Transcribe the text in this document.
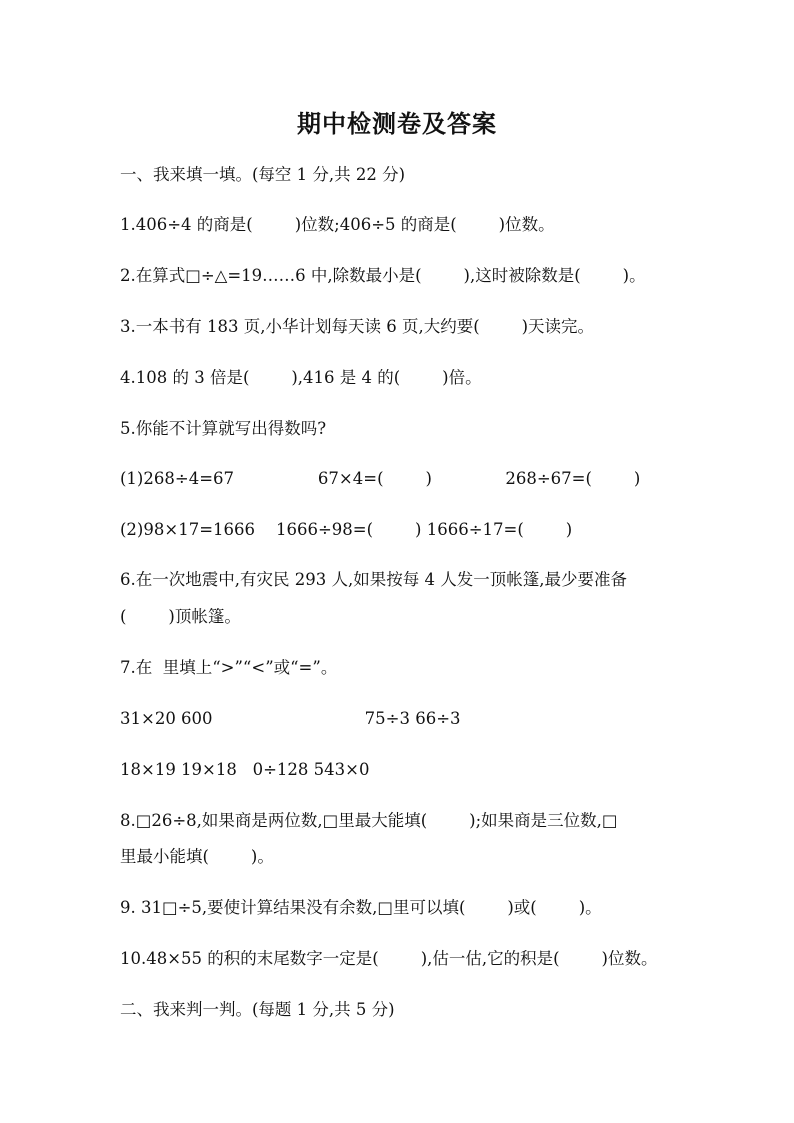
期中检测卷及答案
一、我来填一填。(每空 1 分,共 22 分)
1.406÷4 的商是(        )位数;406÷5 的商是(        )位数。
2.在算式□÷△=19……6 中,除数最小是(        ),这时被除数是(        )。
3.一本书有 183 页,小华计划每天读 6 页,大约要(        )天读完。
4.108 的 3 倍是(        ),416 是 4 的(        )倍。
5.你能不计算就写出得数吗?
(1)268÷4=67                67×4=(        )              268÷67=(        )
(2)98×17=1666    1666÷98=(        ) 1666÷17=(        )
6.在一次地震中,有灾民 293 人,如果按每 4 人发一顶帐篷,最少要准备
(        )顶帐篷。
7.在  里填上“>”“<”或“=”。
31×20 600                             75÷3 66÷3
18×19 19×18   0÷128 543×0
8.□26÷8,如果商是两位数,□里最大能填(        );如果商是三位数,□
里最小能填(        )。
9. 31□÷5,要使计算结果没有余数,□里可以填(        )或(        )。
10.48×55 的积的末尾数字一定是(        ),估一估,它的积是(        )位数。
二、我来判一判。(每题 1 分,共 5 分)
